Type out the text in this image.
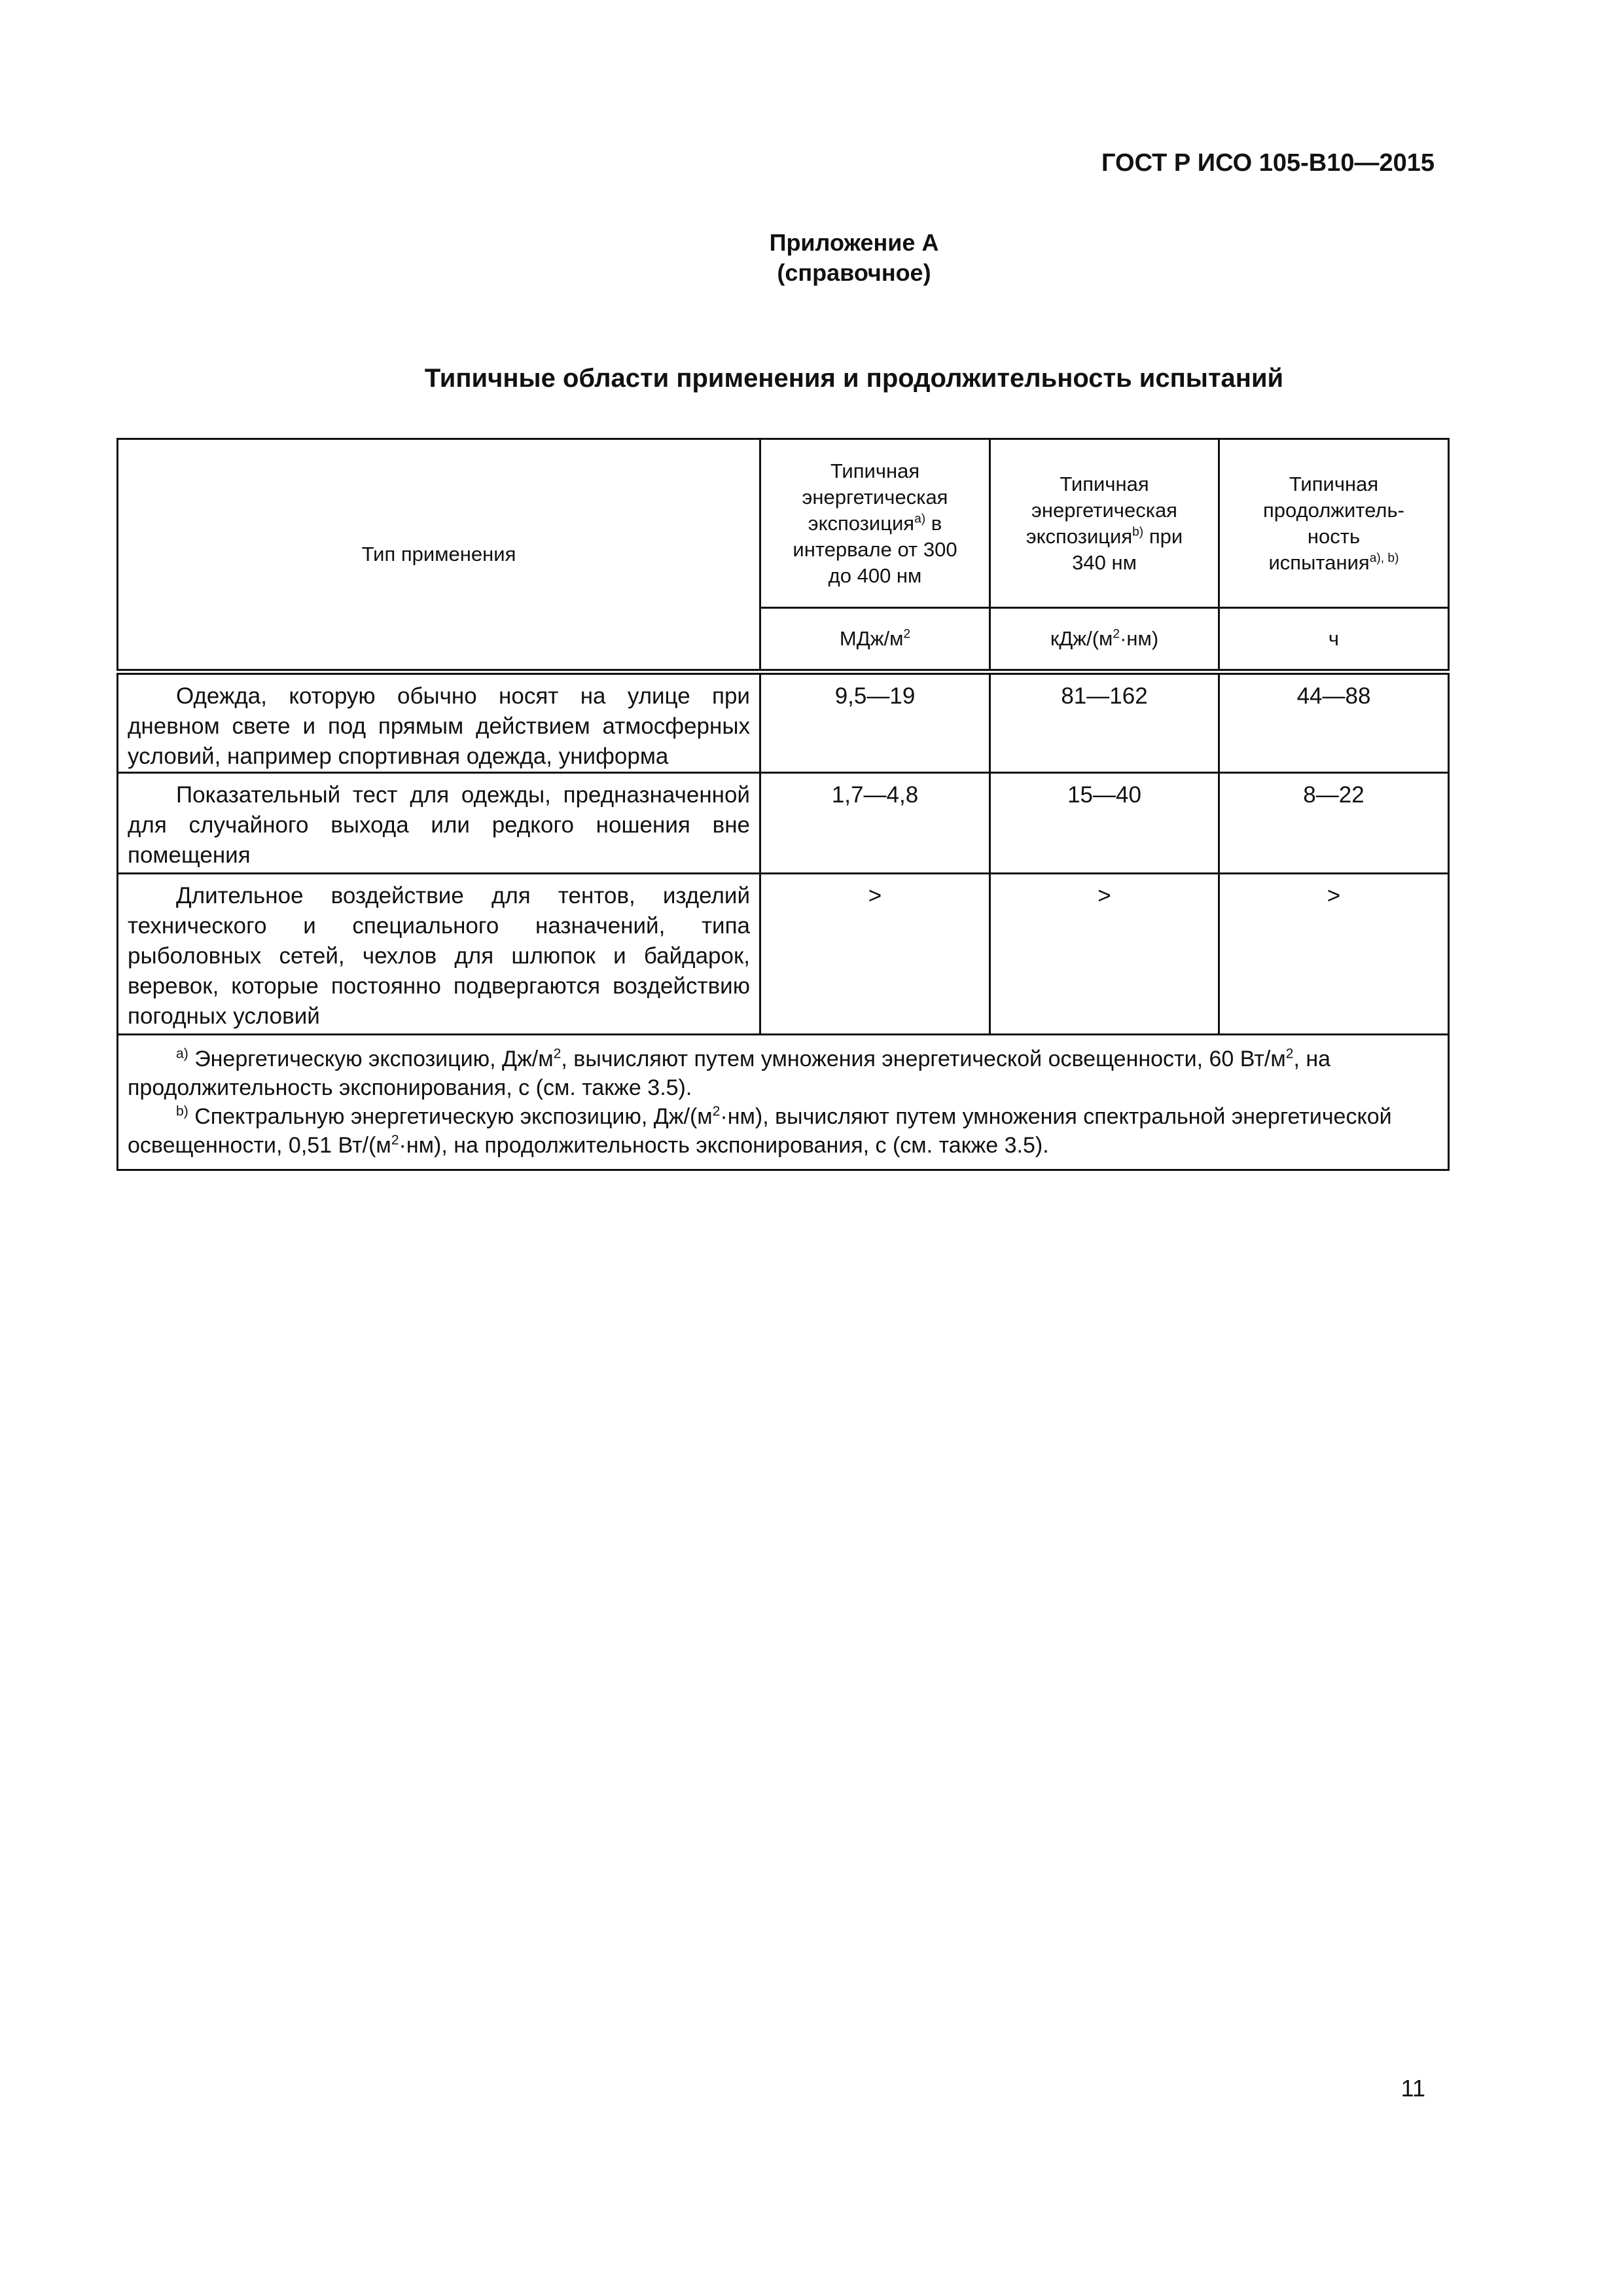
ГОСТ Р ИСО 105-В10—2015
Приложение А
(справочное)
Типичные области применения и продолжительность испытаний
Тип применения	Типичная
энергетическая
экспозиция$^{a)}$ в
интервале от 300
до 400 нм	Типичная
энергетическая
экспозиция$^{b)}$ при
340 нм	Типичная
продолжитель-
ность
испытания$^{a), b)}$
	МДж/$м^2$	кДж/$(м^2\cdot нм)$	ч
Одежда, которую обычно носят на улице при дневном свете и под прямым действием атмосферных условий, например спортивная одежда, униформа	9,5—19	81—162	44—88
Показательный тест для одежды, предназначенной для случайного выхода или редкого ношения вне помещения	1,7—4,8	15—40	8—22
Длительное воздействие для тентов, изделий технического и специального назначений, типа рыболовных сетей, чехлов для шлюпок и байдарок, веревок, которые постоянно подвергаются воздействию погодных условий	>	>	>

$^{a)}$ Энергетическую экспозицию, $Дж/м^2$, вычисляют путем умножения энергетической освещенности, 60 $Вт/м^2$, на продолжительность экспонирования, с (см. также 3.5).
$^{b)}$ Спектральную энергетическую экспозицию, $Дж/(м^2\cdot нм)$, вычисляют путем умножения спектральной энергетической освещенности, 0,51 $Вт/(м^2\cdot нм)$, на продолжительность экспонирования, с (см. также 3.5).			
11
